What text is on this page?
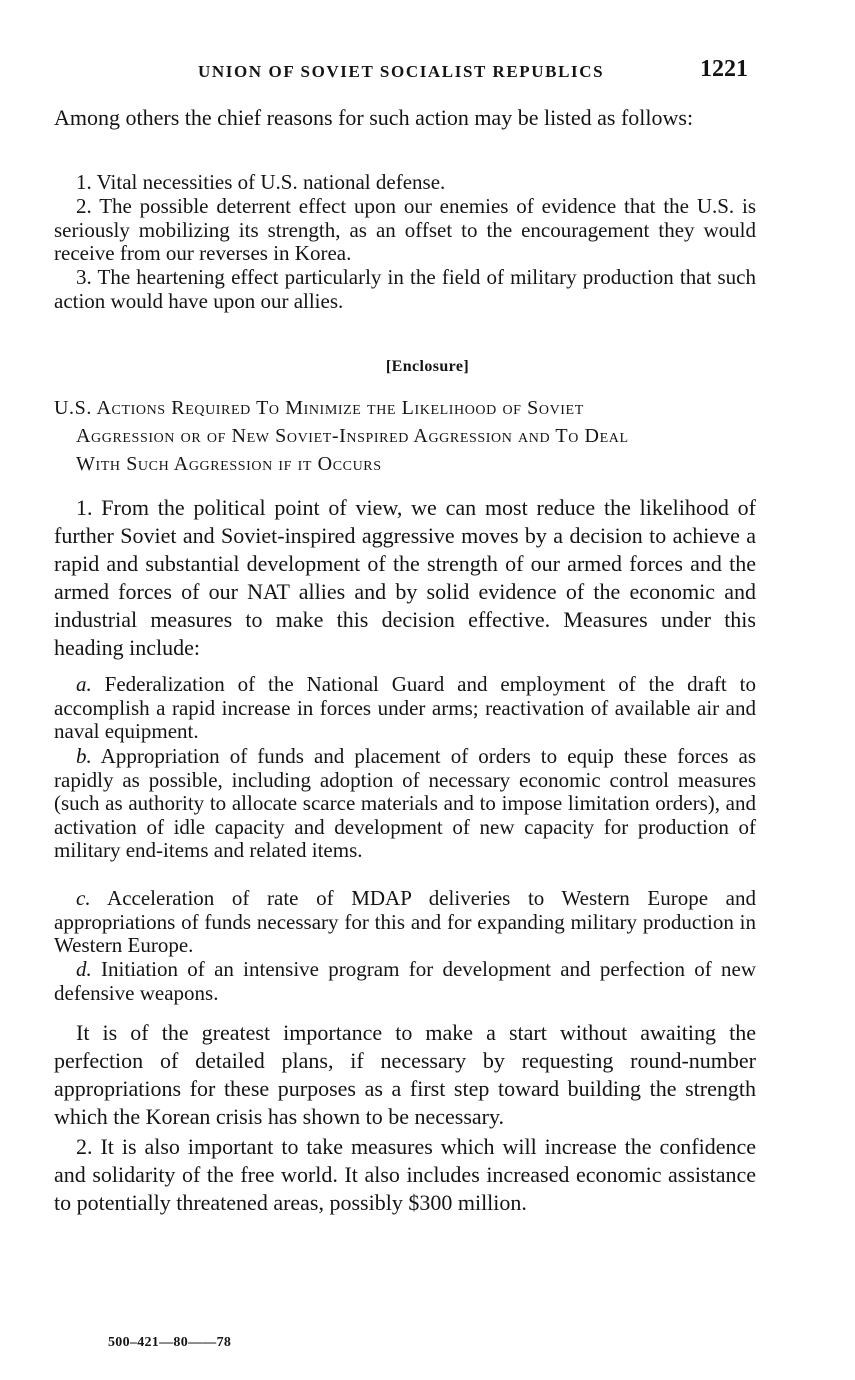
UNION OF SOVIET SOCIALIST REPUBLICS	1221
Among others the chief reasons for such action may be listed as follows:
1. Vital necessities of U.S. national defense.
2. The possible deterrent effect upon our enemies of evidence that the U.S. is seriously mobilizing its strength, as an offset to the encouragement they would receive from our reverses in Korea.
3. The heartening effect particularly in the field of military production that such action would have upon our allies.
[Enclosure]
U.S. Actions Required To Minimize the Likelihood of Soviet
Aggression or of New Soviet-Inspired Aggression and To Deal
With Such Aggression if it Occurs
1. From the political point of view, we can most reduce the likelihood of further Soviet and Soviet-inspired aggressive moves by a decision to achieve a rapid and substantial development of the strength of our armed forces and the armed forces of our NAT allies and by solid evidence of the economic and industrial measures to make this decision effective. Measures under this heading include:
a. Federalization of the National Guard and employment of the draft to accomplish a rapid increase in forces under arms; reactivation of available air and naval equipment.
b. Appropriation of funds and placement of orders to equip these forces as rapidly as possible, including adoption of necessary economic control measures (such as authority to allocate scarce materials and to impose limitation orders), and activation of idle capacity and development of new capacity for production of military end-items and related items.
c. Acceleration of rate of MDAP deliveries to Western Europe and appropriations of funds necessary for this and for expanding military production in Western Europe.
d. Initiation of an intensive program for development and perfection of new defensive weapons.
It is of the greatest importance to make a start without awaiting the perfection of detailed plans, if necessary by requesting round-number appropriations for these purposes as a first step toward building the strength which the Korean crisis has shown to be necessary.
2. It is also important to take measures which will increase the confidence and solidarity of the free world. It also includes increased economic assistance to potentially threatened areas, possibly $300 million.
500–421—80——78
